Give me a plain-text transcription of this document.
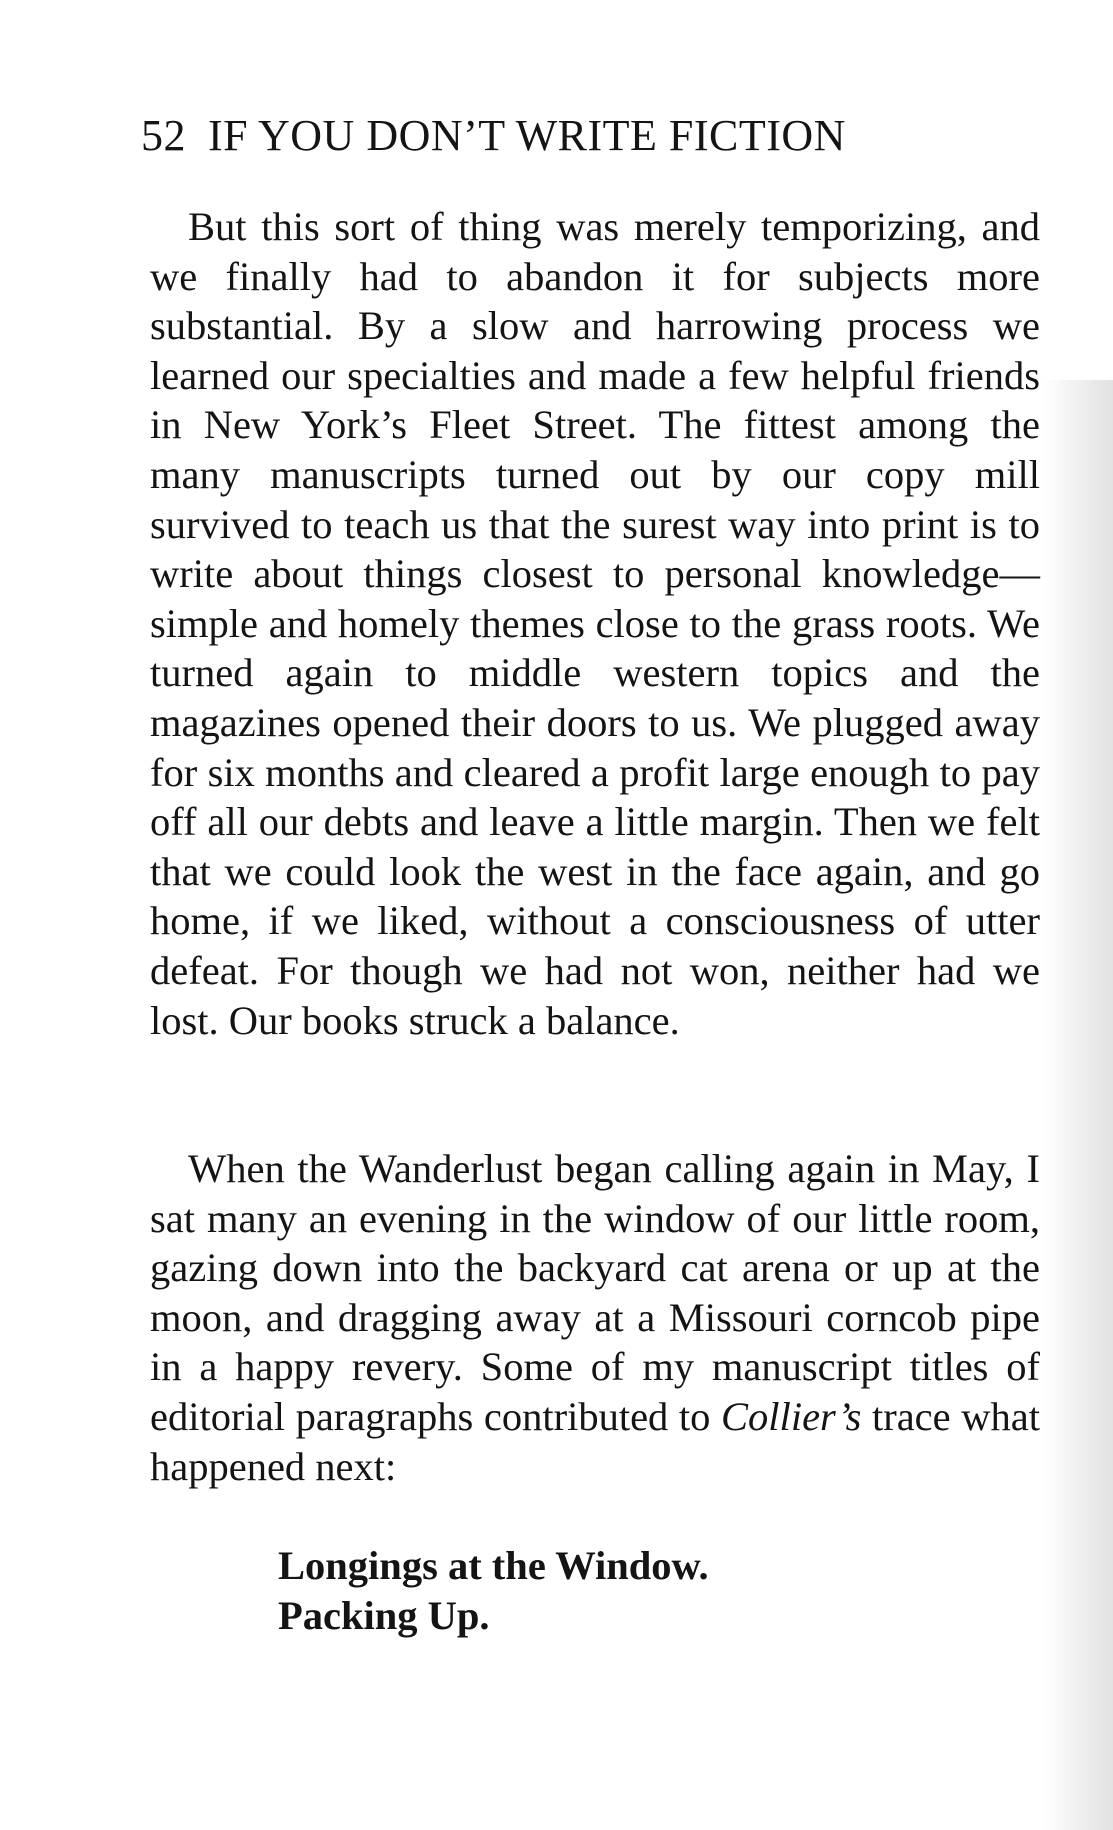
52 IF YOU DON’T WRITE FICTION

But this sort of thing was merely temporizing, and we finally had to abandon it for subjects more substantial. By a slow and harrowing process we learned our specialties and made a few helpful friends in New York’s Fleet Street. The fittest among the many manuscripts turned out by our copy mill survived to teach us that the surest way into print is to write about things closest to personal knowledge—simple and homely themes close to the grass roots. We turned again to middle western topics and the magazines opened their doors to us. We plugged away for six months and cleared a profit large enough to pay off all our debts and leave a little margin. Then we felt that we could look the west in the face again, and go home, if we liked, without a consciousness of utter defeat. For though we had not won, neither had we lost. Our books struck a balance.

When the Wanderlust began calling again in May, I sat many an evening in the window of our little room, gazing down into the backyard cat arena or up at the moon, and dragging away at a Missouri corncob pipe in a happy revery. Some of my manuscript titles of editorial paragraphs contributed to Collier’s trace what happened next:

Longings at the Window.
Packing Up.
